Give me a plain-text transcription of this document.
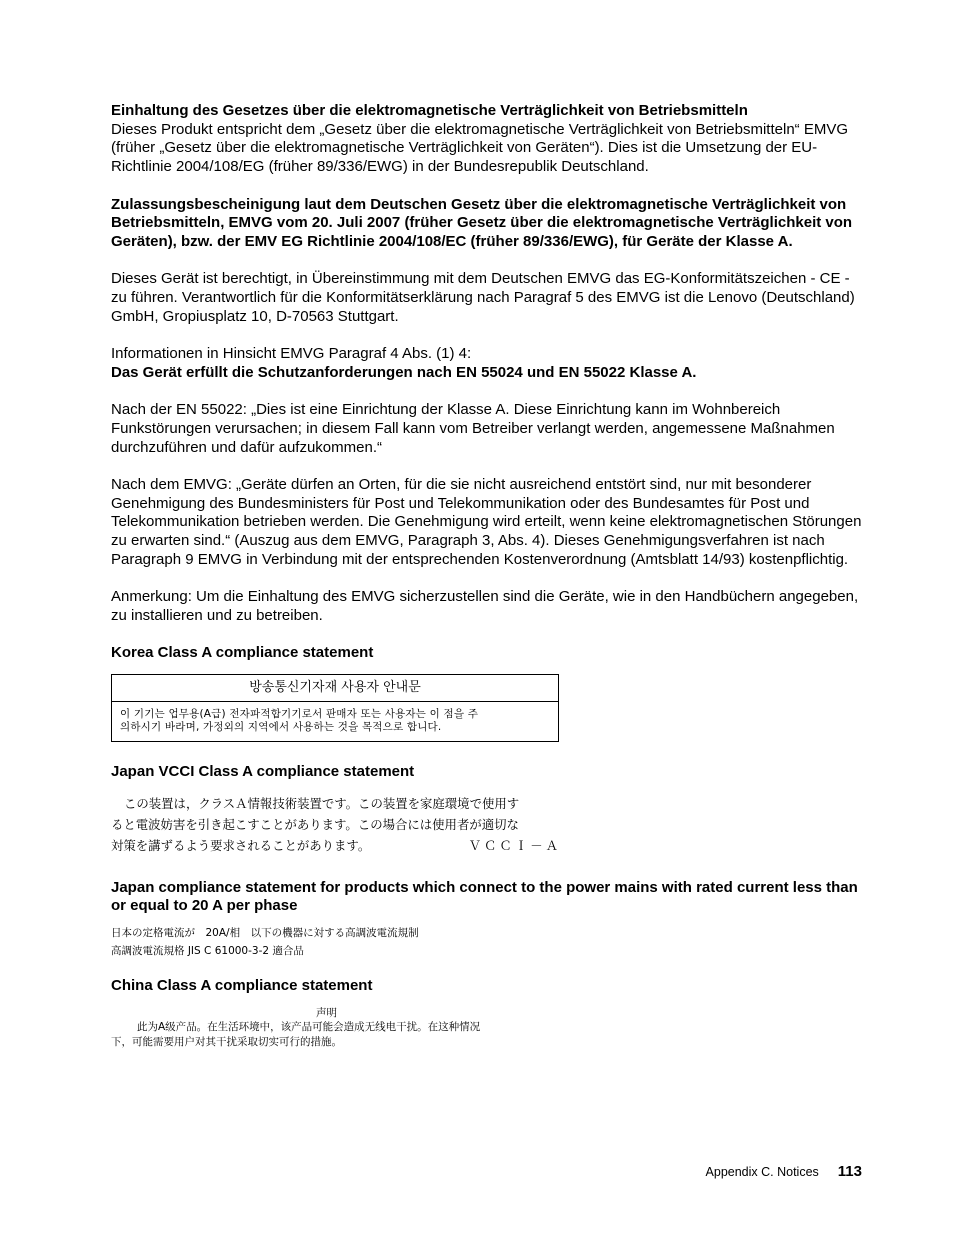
Einhaltung des Gesetzes über die elektromagnetische Verträglichkeit von Betriebsmitteln

Dieses Produkt entspricht dem „Gesetz über die elektromagnetische Verträglichkeit von Betriebsmitteln“ EMVG (früher „Gesetz über die elektromagnetische Verträglichkeit von Geräten“). Dies ist die Umsetzung der EU-Richtlinie 2004/108/EG (früher 89/336/EWG) in der Bundesrepublik Deutschland.

Zulassungsbescheinigung laut dem Deutschen Gesetz über die elektromagnetische Verträglichkeit von Betriebsmitteln, EMVG vom 20. Juli 2007 (früher Gesetz über die elektromagnetische Verträglichkeit von Geräten), bzw. der EMV EG Richtlinie 2004/108/EC (früher 89/336/EWG), für Geräte der Klasse A.

Dieses Gerät ist berechtigt, in Übereinstimmung mit dem Deutschen EMVG das EG-Konformitätszeichen - CE - zu führen. Verantwortlich für die Konformitätserklärung nach Paragraf 5 des EMVG ist die Lenovo (Deutschland) GmbH, Gropiusplatz 10, D-70563 Stuttgart.

Informationen in Hinsicht EMVG Paragraf 4 Abs. (1) 4:

Das Gerät erfüllt die Schutzanforderungen nach EN 55024 und EN 55022 Klasse A.

Nach der EN 55022: „Dies ist eine Einrichtung der Klasse A. Diese Einrichtung kann im Wohnbereich Funkstörungen verursachen; in diesem Fall kann vom Betreiber verlangt werden, angemessene Maßnahmen durchzuführen und dafür aufzukommen.“

Nach dem EMVG: „Geräte dürfen an Orten, für die sie nicht ausreichend entstört sind, nur mit besonderer Genehmigung des Bundesministers für Post und Telekommunikation oder des Bundesamtes für Post und Telekommunikation betrieben werden. Die Genehmigung wird erteilt, wenn keine elektromagnetischen Störungen zu erwarten sind.“ (Auszug aus dem EMVG, Paragraph 3, Abs. 4). Dieses Genehmigungsverfahren ist nach Paragraph 9 EMVG in Verbindung mit der entsprechenden Kostenverordnung (Amtsblatt 14/93) kostenpflichtig.

Anmerkung: Um die Einhaltung des EMVG sicherzustellen sind die Geräte, wie in den Handbüchern angegeben, zu installieren und zu betreiben.

Korea Class A compliance statement

방송통신기자재 사용자 안내문
이 기기는 업무용(A급) 전자파적합기기로서 판매자 또는 사용자는 이 점을 주
의하시기 바라며, 가정외의 지역에서 사용하는 것을 목적으로 합니다.

Japan VCCI Class A compliance statement

この装置は，クラスＡ情報技術装置です。この装置を家庭環境で使用す
ると電波妨害を引き起こすことがあります。この場合には使用者が適切な
対策を講ずるよう要求されることがあります。	ＶＣＣＩ－Ａ

Japan compliance statement for products which connect to the power mains with rated current less than or equal to 20 A per phase

日本の定格電流が　20A/相　以下の機器に対する高調波電流規制
高調波電流規格 JIS C 61000-3-2 適合品

China Class A compliance statement

声明
此为A级产品。在生活环境中，该产品可能会造成无线电干扰。在这种情况
下，可能需要用户对其干扰采取切实可行的措施。
Appendix C. Notices 113
